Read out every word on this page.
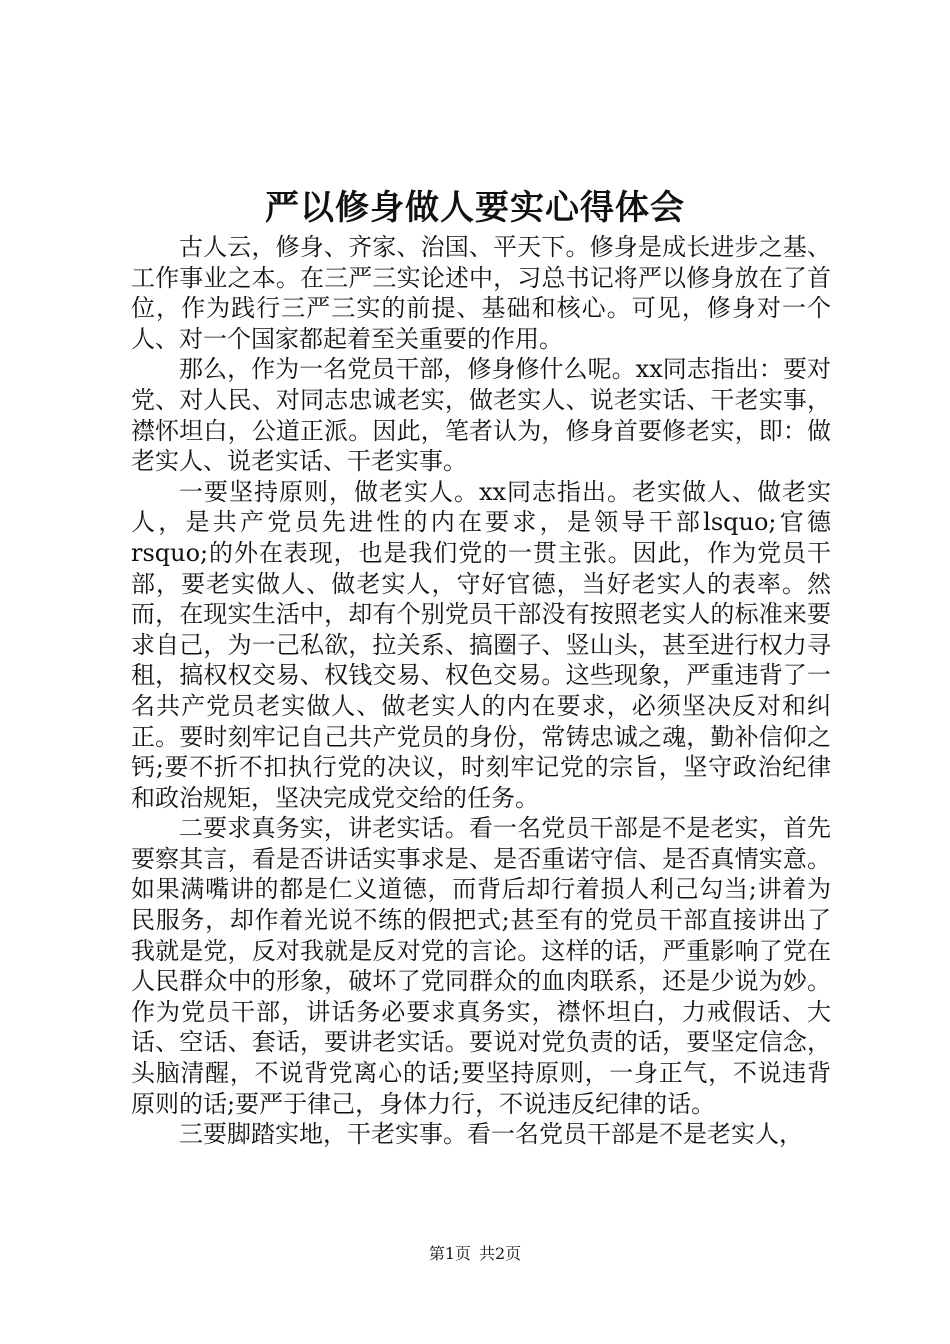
严以修身做人要实心得体会

古人云，修身、齐家、治国、平天下。修身是成长进步之基、工作事业之本。在三严三实论述中，习总书记将严以修身放在了首位，作为践行三严三实的前提、基础和核心。可见，修身对一个人、对一个国家都起着至关重要的作用。

那么，作为一名党员干部，修身修什么呢。xx同志指出：要对党、对人民、对同志忠诚老实，做老实人、说老实话、干老实事，襟怀坦白，公道正派。因此，笔者认为，修身首要修老实，即：做老实人、说老实话、干老实事。

一要坚持原则，做老实人。xx同志指出。老实做人、做老实人，是共产党员先进性的内在要求，是领导干部lsquo;官德rsquo;的外在表现，也是我们党的一贯主张。因此，作为党员干部，要老实做人、做老实人，守好官德，当好老实人的表率。然而，在现实生活中，却有个别党员干部没有按照老实人的标准来要求自己，为一己私欲，拉关系、搞圈子、竖山头，甚至进行权力寻租，搞权权交易、权钱交易、权色交易。这些现象，严重违背了一名共产党员老实做人、做老实人的内在要求，必须坚决反对和纠正。要时刻牢记自己共产党员的身份，常铸忠诚之魂，勤补信仰之钙;要不折不扣执行党的决议，时刻牢记党的宗旨，坚守政治纪律和政治规矩，坚决完成党交给的任务。

二要求真务实，讲老实话。看一名党员干部是不是老实，首先要察其言，看是否讲话实事求是、是否重诺守信、是否真情实意。如果满嘴讲的都是仁义道德，而背后却行着损人利己勾当;讲着为民服务，却作着光说不练的假把式;甚至有的党员干部直接讲出了我就是党，反对我就是反对党的言论。这样的话，严重影响了党在人民群众中的形象，破坏了党同群众的血肉联系，还是少说为妙。作为党员干部，讲话务必要求真务实，襟怀坦白，力戒假话、大话、空话、套话，要讲老实话。要说对党负责的话，要坚定信念，头脑清醒，不说背党离心的话;要坚持原则，一身正气，不说违背原则的话;要严于律己，身体力行，不说违反纪律的话。

三要脚踏实地，干老实事。看一名党员干部是不是老实人，

第1页 共2页
